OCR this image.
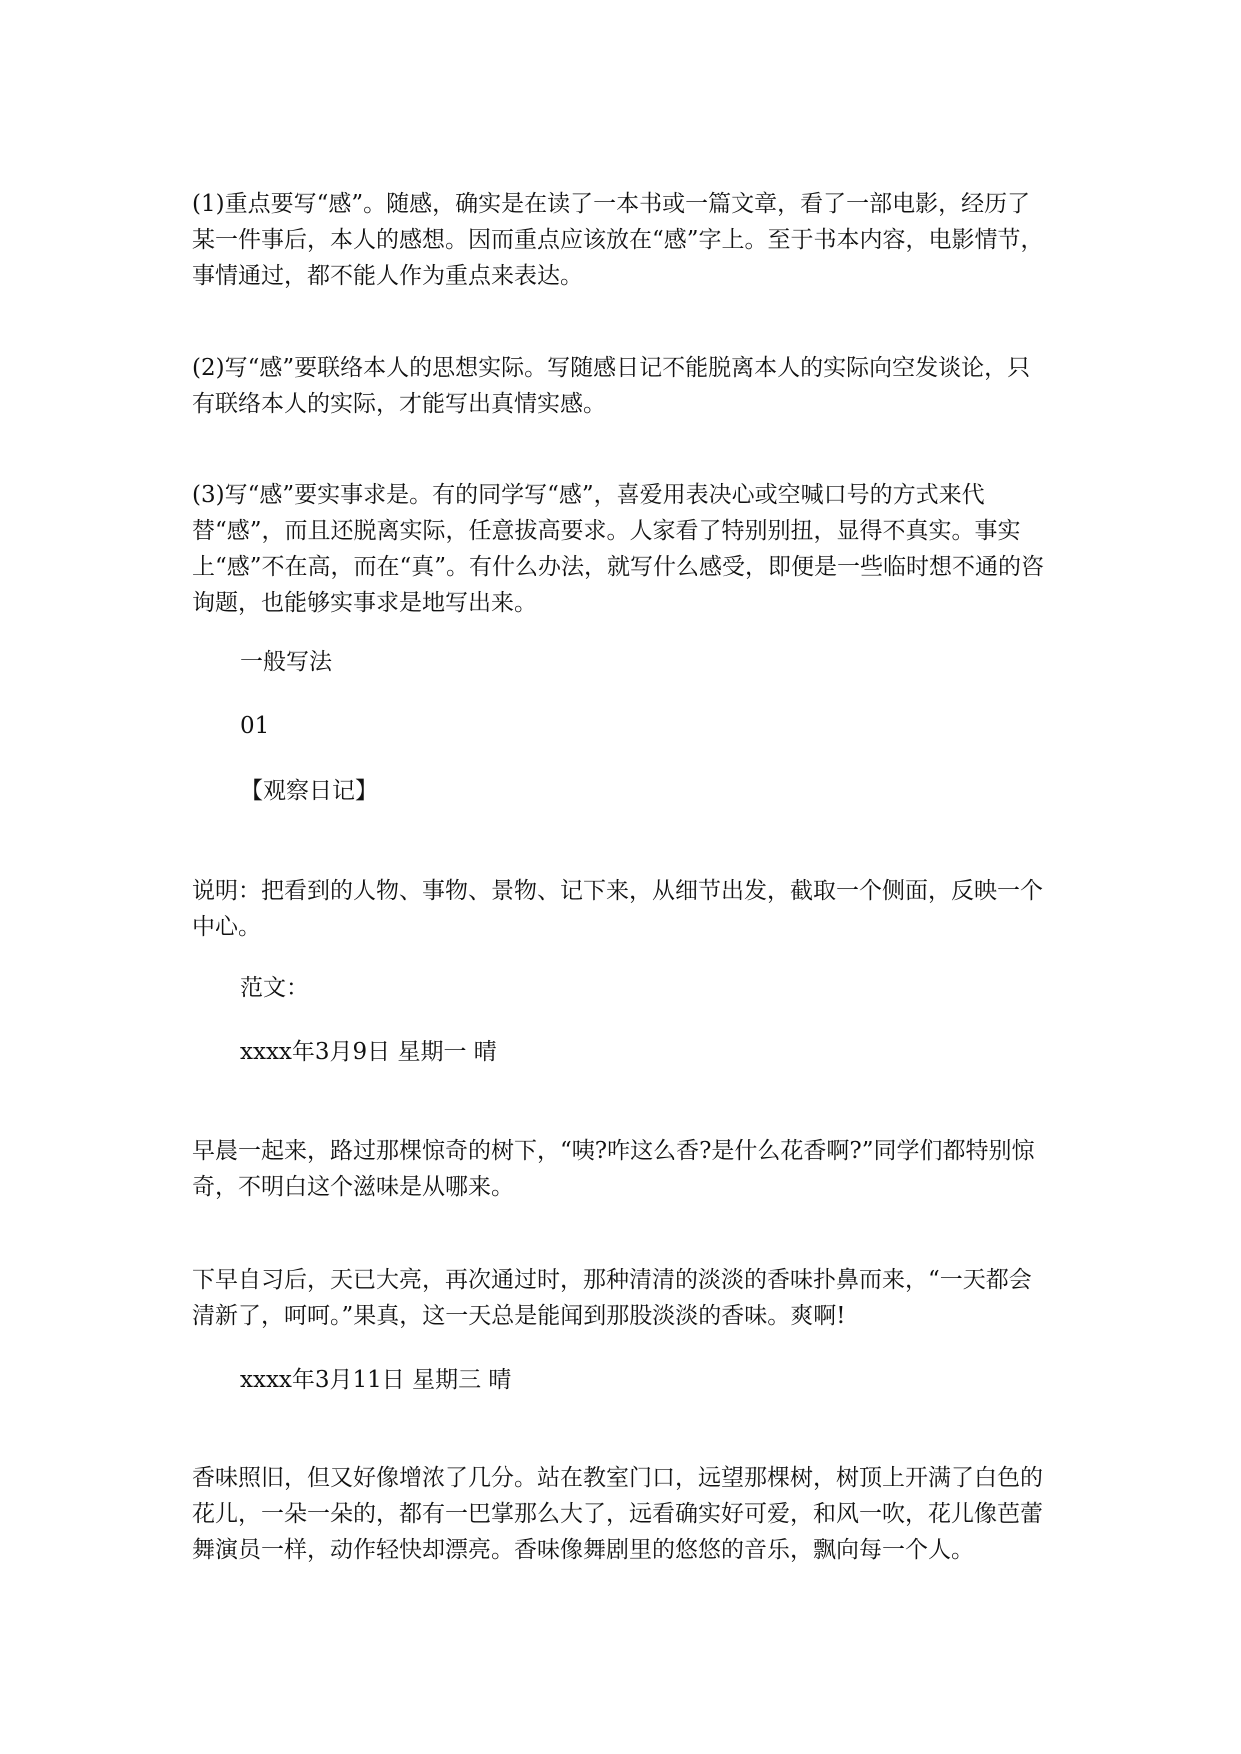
(1)重点要写“感”。随感，确实是在读了一本书或一篇文章，看了一部电影，经历了某一件事后，本人的感想。因而重点应该放在“感”字上。至于书本内容，电影情节，事情通过，都不能人作为重点来表达。
(2)写“感”要联络本人的思想实际。写随感日记不能脱离本人的实际向空发谈论，只有联络本人的实际，才能写出真情实感。
(3)写“感”要实事求是。有的同学写“感”，喜爱用表决心或空喊口号的方式来代替“感”，而且还脱离实际，任意拔高要求。人家看了特别别扭，显得不真实。事实上“感”不在高，而在“真”。有什么办法，就写什么感受，即便是一些临时想不通的咨询题，也能够实事求是地写出来。
一般写法
01
【观察日记】
说明：把看到的人物、事物、景物、记下来，从细节出发，截取一个侧面，反映一个中心。
范文：
xxxx年3月9日 星期一 晴
早晨一起来，路过那棵惊奇的树下，“咦?咋这么香?是什么花香啊?”同学们都特别惊奇，不明白这个滋味是从哪来。
下早自习后，天已大亮，再次通过时，那种清清的淡淡的香味扑鼻而来，“一天都会清新了，呵呵。”果真，这一天总是能闻到那股淡淡的香味。爽啊!
xxxx年3月11日 星期三 晴
香味照旧，但又好像增浓了几分。站在教室门口，远望那棵树，树顶上开满了白色的花儿，一朵一朵的，都有一巴掌那么大了，远看确实好可爱，和风一吹，花儿像芭蕾舞演员一样，动作轻快却漂亮。香味像舞剧里的悠悠的音乐，飘向每一个人。
